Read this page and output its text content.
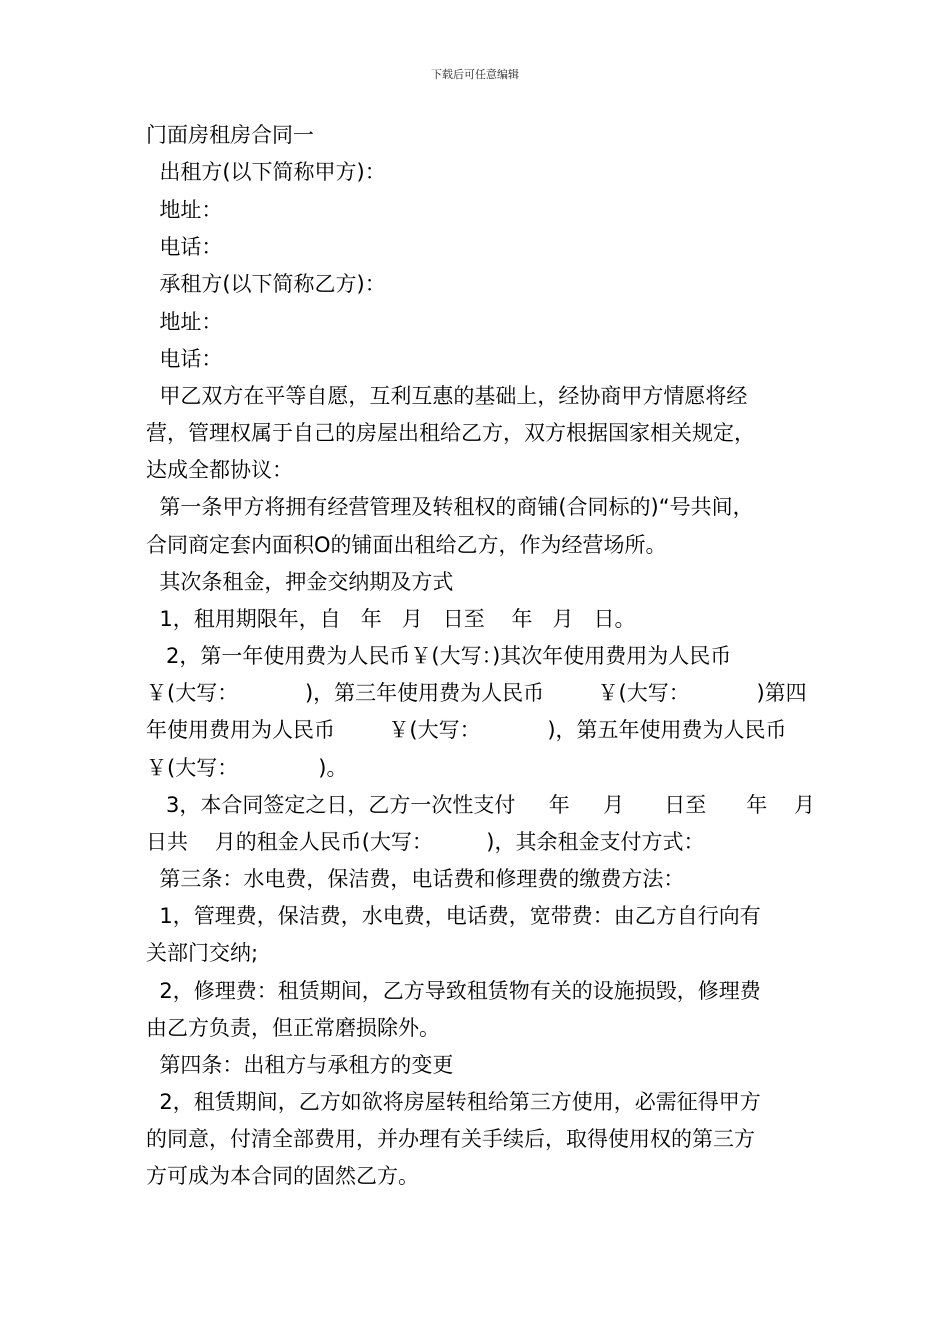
下载后可任意编辑
门面房租房合同一
出租方(以下简称甲方)：
地址：
电话：
承租方(以下简称乙方)：
地址：
电话：
甲乙双方在平等自愿，互利互惠的基础上，经协商甲方情愿将经
营，管理权属于自己的房屋出租给乙方，双方根据国家相关规定，
达成全都协议：
第一条甲方将拥有经营管理及转租权的商铺(合同标的)“号共间，
合同商定套内面积O的铺面出租给乙方，作为经营场所。
其次条租金，押金交纳期及方式
1，租用期限年，自   年   月   日至    年   月   日。
2，第一年使用费为人民币￥(大写：)其次年使用费用为人民币
￥(大写：          )，第三年使用费为人民币        ￥(大写：          )第四
年使用费用为人民币        ￥(大写：          )，第五年使用费为人民币
￥(大写：            )。
3，本合同签定之日，乙方一次性支付     年     月      日至      年    月
日共    月的租金人民币(大写：        )，其余租金支付方式：
第三条：水电费，保洁费，电话费和修理费的缴费方法：
1，管理费，保洁费，水电费，电话费，宽带费：由乙方自行向有
关部门交纳;
2，修理费：租赁期间，乙方导致租赁物有关的设施损毁，修理费
由乙方负责，但正常磨损除外。
第四条：出租方与承租方的变更
2，租赁期间，乙方如欲将房屋转租给第三方使用，必需征得甲方
的同意，付清全部费用，并办理有关手续后，取得使用权的第三方
方可成为本合同的固然乙方。
